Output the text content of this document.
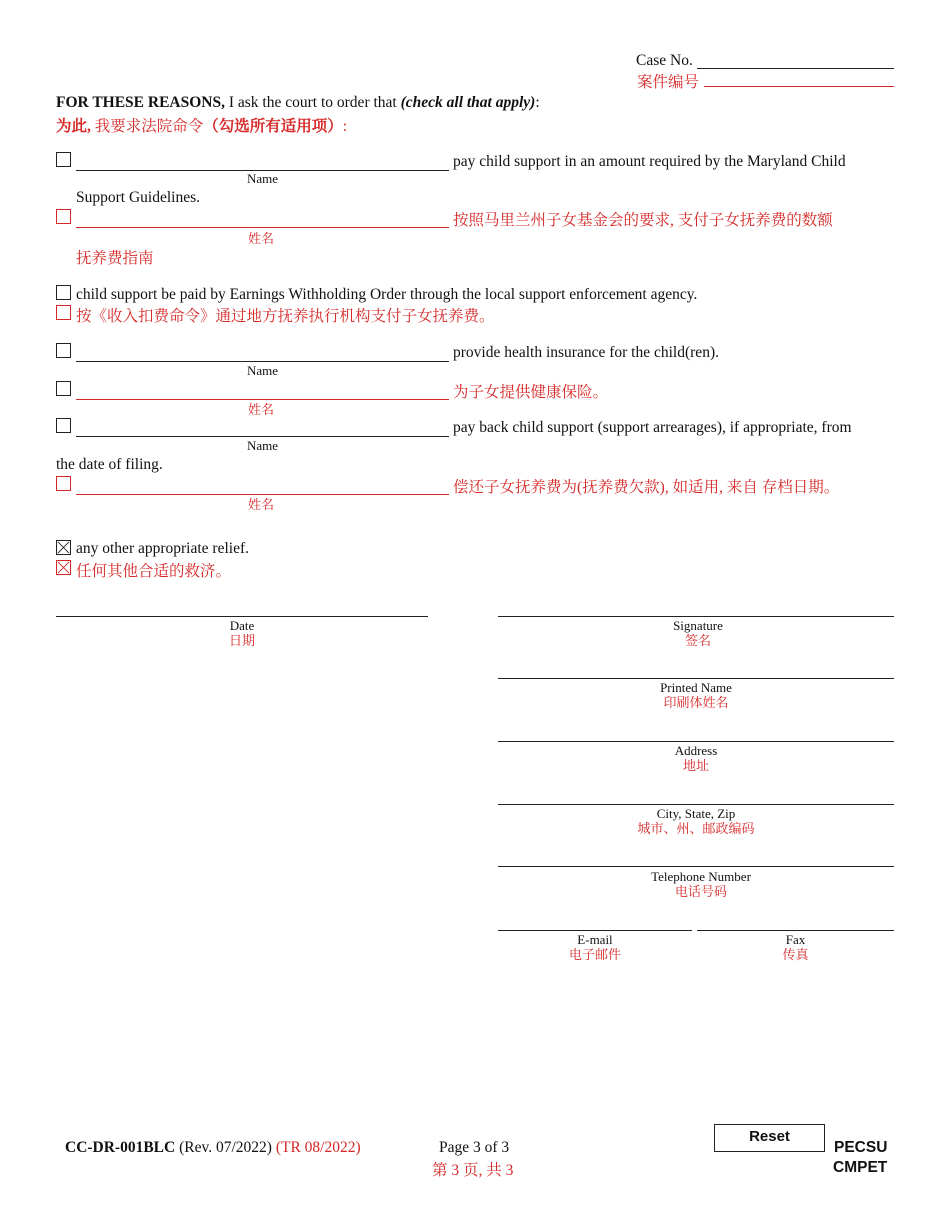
Case No.
案件编号
FOR THESE REASONS, I ask the court to order that (check all that apply):
为此, 我要求法院命令（勾选所有适用项）:
pay child support in an amount required by the Maryland Child
Name
Support Guidelines.
按照马里兰州子女基金会的要求, 支付子女抚养费的数额
姓名
抚养费指南
child support be paid by Earnings Withholding Order through the local support enforcement agency.
按《收入扣费命令》通过地方抚养执行机构支付子女抚养费。
provide health insurance for the child(ren).
Name
为子女提供健康保险。
姓名
pay back child support (support arrearages), if appropriate, from
Name
the date of filing.
偿还子女抚养费为(抚养费欠款), 如适用, 来自 存档日期。
姓名
any other appropriate relief.
任何其他合适的救济。
Date
日期
Signature
签名
Printed Name
印刷体姓名
Address
地址
City, State, Zip
城市、州、邮政编码
Telephone Number
电话号码
E-mail
电子邮件
Fax
传真
CC-DR-001BLC (Rev. 07/2022) (TR 08/2022)	Page 3 of 3
第 3 页, 共 3
Reset
PECSU
CMPET
